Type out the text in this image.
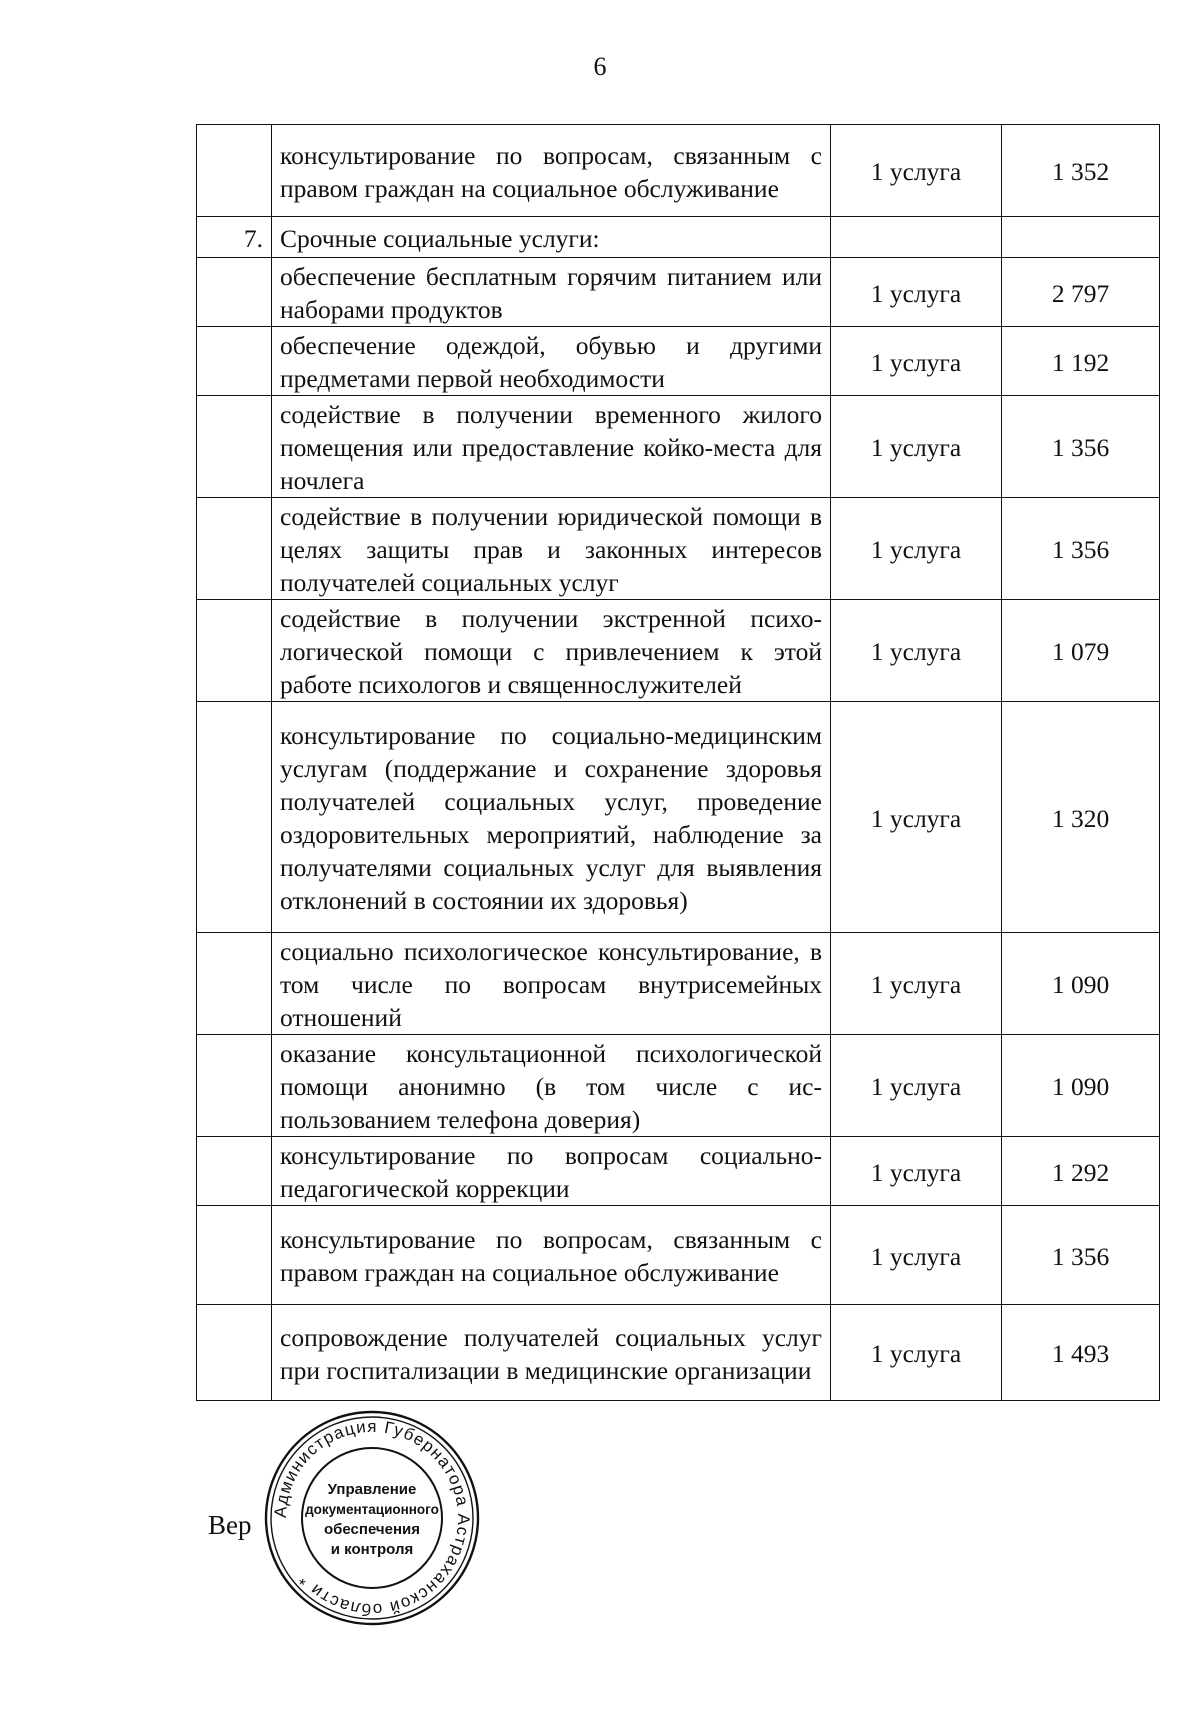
6
	консультирование по вопросам, связанным с правом граждан на социальное обслуживание	1 услуга	1 352
7.	Срочные социальные услуги:		
	обеспечение бесплатным горячим питанием или наборами продуктов	1 услуга	2 797
	обеспечение одеждой, обувью и другими предметами первой необходимости	1 услуга	1 192
	содействие в получении временного жилого помещения или предоставление койко-места для ночлега	1 услуга	1 356
	содействие в получении юридической помощи в целях защиты прав и законных интересов получателей социальных услуг	1 услуга	1 356
	содействие в получении экстренной психологической помощи с привлечением к этой работе психологов и священнослужителей	1 услуга	1 079
	консультирование по социально-медицинским услугам (поддержание и сохранение здоровья получателей социальных услуг, проведение оздоровительных мероприятий, наблюдение за получателями социальных услуг для выявления отклонений в состоянии их здоровья)	1 услуга	1 320
	социально психологическое консультирование, в том числе по вопросам внутрисемейных отношений	1 услуга	1 090
	оказание консультационной психологической помощи анонимно (в том числе с использованием телефона доверия)	1 услуга	1 090
	консультирование по вопросам социально-педагогической коррекции	1 услуга	1 292
	консультирование по вопросам, связанным с правом граждан на социальное обслуживание	1 услуга	1 356
	сопровождение получателей социальных услуг при госпитализации в медицинские организации	1 услуга	1 493
Вер Администрация Губернатора Астраханской области *
Управление
документационного
обеспечения
и контроля
